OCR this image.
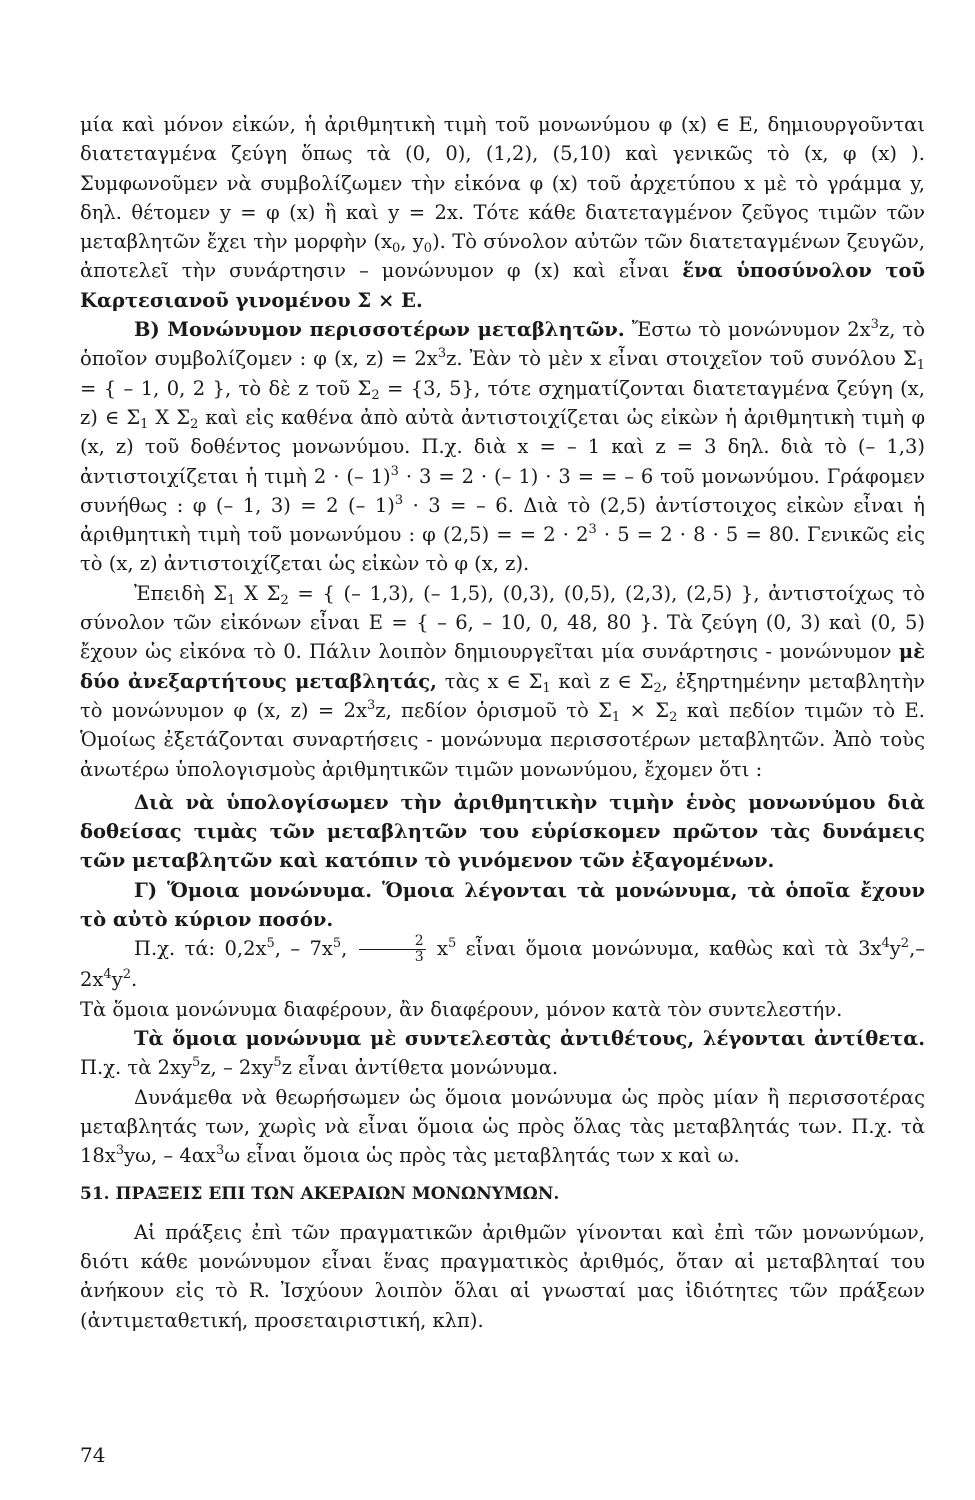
μία καὶ μόνον εἰκών, ἡ ἀριθμητικὴ τιμὴ τοῦ μονωνύμου φ (x) ∈ Ε, δημιουργοῦνται διατεταγμένα ζεύγη ὅπως τὰ (0, 0), (1,2), (5,10) καὶ γενικῶς τὸ (x, φ (x) ). Συμφωνοῦμεν νὰ συμβολίζωμεν τὴν εἰκόνα φ (x) τοῦ ἀρχετύπου x μὲ τὸ γράμμα y, δηλ. θέτομεν y = φ (x) ἢ καὶ y = 2x. Τότε κάθε διατεταγμένον ζεῦγος τιμῶν τῶν μεταβλητῶν ἔχει τὴν μορφὴν ($x_0$, $y_0$). Τὸ σύνολον αὐτῶν τῶν διατεταγμένων ζευγῶν, ἀποτελεῖ τὴν συνάρτησιν – μονώνυμον φ (x) καὶ εἶναι ἕνα ὑποσύνολον τοῦ Καρτεσιανοῦ γινομένου Σ × Ε.

Β) Μονώνυμον περισσοτέρων μεταβλητῶν. Ἔστω τὸ μονώνυμον $2x^3z$, τὸ ὁποῖον συμβολίζομεν : φ (x, $z) = 2x^3z$. Ἐὰν τὸ μὲν x εἶναι στοιχεῖον τοῦ συνόλου $\Sigma_1$ = { – 1, 0, 2 }, τὸ δὲ z τοῦ $\Sigma_2 = \{3$, 5}, τότε σχηματίζονται διατεταγμένα ζεύγη (x, z) ∈ $\Sigma_1$ Χ $\Sigma_2$ καὶ εἰς καθένα ἀπὸ αὐτὰ ἀντιστοιχίζεται ὡς εἰκὼν ἡ ἀριθμητικὴ τιμὴ φ (x, z) τοῦ δοθέντος μονωνύμου. Π.χ. διὰ x = – 1 καὶ z = 3 δηλ. διὰ τὸ (– 1,3) ἀντιστοιχίζεται ἡ τιμὴ 2 · (– 1)$^3$ · 3 = 2 · (– 1) · 3 = = – 6 τοῦ μονωνύμου. Γράφομεν συνήθως : φ (– 1, 3) = 2 (– 1)$^3$ · 3 = – 6. Διὰ τὸ (2,5) ἀντίστοιχος εἰκὼν εἶναι ἡ ἀριθμητικὴ τιμὴ τοῦ μονωνύμου : φ (2,5) = = $2 \cdot 2^3 \cdot 5 = 2 \cdot 8 \cdot 5 = 80$. Γενικῶς εἰς τὸ (x, z) ἀντιστοιχίζεται ὡς εἰκὼν τὸ φ (x, z).

Ἐπειδὴ $\Sigma_1$ Χ $\Sigma_2$ = { (– 1,3), (– 1,5), (0,3), (0,5), (2,3), (2,5) }, ἀντιστοίχως τὸ σύνολον τῶν εἰκόνων εἶναι Ε = { – 6, – 10, 0, 48, 80 }. Τὰ ζεύγη (0, 3) καὶ (0, 5) ἔχουν ὡς εἰκόνα τὸ 0. Πάλιν λοιπὸν δημιουργεῖται μία συνάρτησις - μονώνυμον μὲ δύο ἀνεξαρτήτους μεταβλητάς, τὰς x ∈ $\Sigma_1$ καὶ z ∈ $\Sigma_2$, ἐξηρτημένην μεταβλητὴν τὸ μονώνυμον φ (x, $z) = 2x^3z$, πεδίον ὁρισμοῦ τὸ $\Sigma_1 \times \Sigma_2$ καὶ πεδίον τιμῶν τὸ Ε. Ὁμοίως ἐξετάζονται συναρτήσεις - μονώνυμα περισσοτέρων μεταβλητῶν. Ἀπὸ τοὺς ἀνωτέρω ὑπολογισμοὺς ἀριθμητικῶν τιμῶν μονωνύμου, ἔχομεν ὅτι :

Διὰ νὰ ὑπολογίσωμεν τὴν ἀριθμητικὴν τιμὴν ἑνὸς μονωνύμου διὰ δοθείσας τιμὰς τῶν μεταβλητῶν του εὑρίσκομεν πρῶτον τὰς δυνάμεις τῶν μεταβλητῶν καὶ κατόπιν τὸ γινόμενον τῶν ἐξαγομένων.

Γ) Ὅμοια μονώνυμα. Ὅμοια λέγονται τὰ μονώνυμα, τὰ ὁποῖα ἔχουν τὸ αὐτὸ κύριον ποσόν.

Π.χ. τά: $0,2x^5$, – $7x^5$, $\frac{2}{3} x^5$ εἶναι ὅμοια μονώνυμα, καθὼς καὶ τὰ $3x^4y^2,-2x^4y^2$.

Τὰ ὅμοια μονώνυμα διαφέρουν, ἂν διαφέρουν, μόνον κατὰ τὸν συντελεστήν.

Τὰ ὅμοια μονώνυμα μὲ συντελεστὰς ἀντιθέτους, λέγονται ἀντίθετα. Π.χ. τὰ $2xy^5z$, – $2xy^5z$ εἶναι ἀντίθετα μονώνυμα.

Δυνάμεθα νὰ θεωρήσωμεν ὡς ὅμοια μονώνυμα ὡς πρὸς μίαν ἢ περισσοτέρας μεταβλητάς των, χωρὶς νὰ εἶναι ὅμοια ὡς πρὸς ὅλας τὰς μεταβλητάς των. Π.χ. τὰ $18x^3y\omega$, – $4\alpha x^3\omega$ εἶναι ὅμοια ὡς πρὸς τὰς μεταβλητάς των x καὶ ω.

51. ΠΡΑΞΕΙΣ ΕΠΙ ΤΩΝ ΑΚΕΡΑΙΩΝ ΜΟΝΩΝΥΜΩΝ.

Αἱ πράξεις ἐπὶ τῶν πραγματικῶν ἀριθμῶν γίνονται καὶ ἐπὶ τῶν μονωνύμων, διότι κάθε μονώνυμον εἶναι ἕνας πραγματικὸς ἀριθμός, ὅταν αἱ μεταβληταί του ἀνήκουν εἰς τὸ R. Ἰσχύουν λοιπὸν ὅλαι αἱ γνωσταί μας ἰδιότητες τῶν πράξεων (ἀντιμεταθετική, προσεταιριστική, κλπ).

74
